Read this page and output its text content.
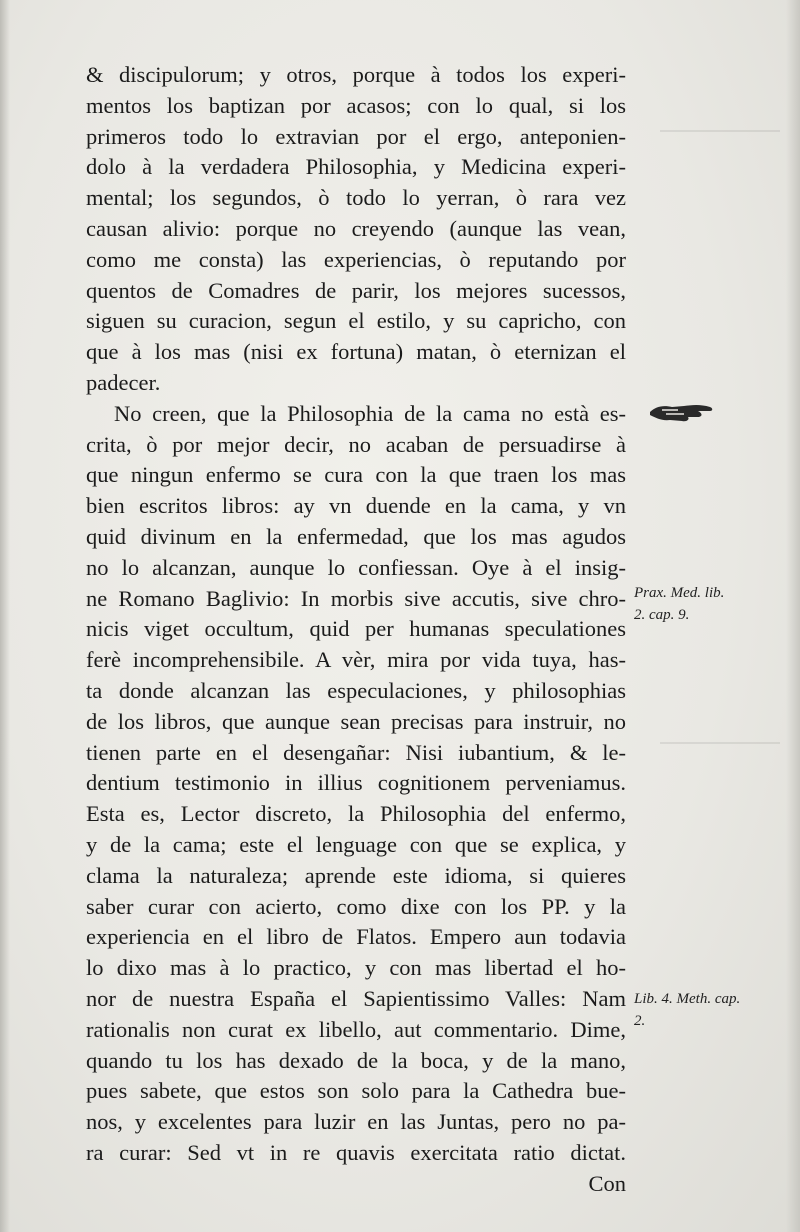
& discipulorum; y otros, porque à todos los experi-
mentos los baptizan por acasos; con lo qual, si los
primeros todo lo extravian por el ergo, anteponien-
dolo à la verdadera Philosophia, y Medicina experi-
mental; los segundos, ò todo lo yerran, ò rara vez
causan alivio: porque no creyendo (aunque las vean,
como me consta) las experiencias, ò reputando por
quentos de Comadres de parir, los mejores sucessos,
siguen su curacion, segun el estilo, y su capricho, con
que à los mas (nisi ex fortuna) matan, ò eternizan el
padecer.
No creen, que la Philosophia de la cama no està es-
crita, ò por mejor decir, no acaban de persuadirse à
que ningun enfermo se cura con la que traen los mas
bien escritos libros: ay vn duende en la cama, y vn
quid divinum en la enfermedad, que los mas agudos
no lo alcanzan, aunque lo confiessan. Oye à el insig-
ne Romano Baglivio: In morbis sive accutis, sive chro-
nicis viget occultum, quid per humanas speculationes
ferè incomprehensibile. A vèr, mira por vida tuya, has-
ta donde alcanzan las especulaciones, y philosophias
de los libros, que aunque sean precisas para instruir, no
tienen parte en el desengañar: Nisi iubantium, & le-
dentium testimonio in illius cognitionem perveniamus.
Esta es, Lector discreto, la Philosophia del enfermo,
y de la cama; este el lenguage con que se explica, y
clama la naturaleza; aprende este idioma, si quieres
saber curar con acierto, como dixe con los PP. y la
experiencia en el libro de Flatos. Empero aun todavia
lo dixo mas à lo practico, y con mas libertad el ho-
nor de nuestra España el Sapientissimo Valles: Nam
rationalis non curat ex libello, aut commentario. Dime,
quando tu los has dexado de la boca, y de la mano,
pues sabete, que estos son solo para la Cathedra bue-
nos, y excelentes para luzir en las Juntas, pero no pa-
ra curar: Sed vt in re quavis exercitata ratio dictat.
Con
Prax. Med. lib.
2. cap. 9.
Lib. 4. Meth. cap.
2.
